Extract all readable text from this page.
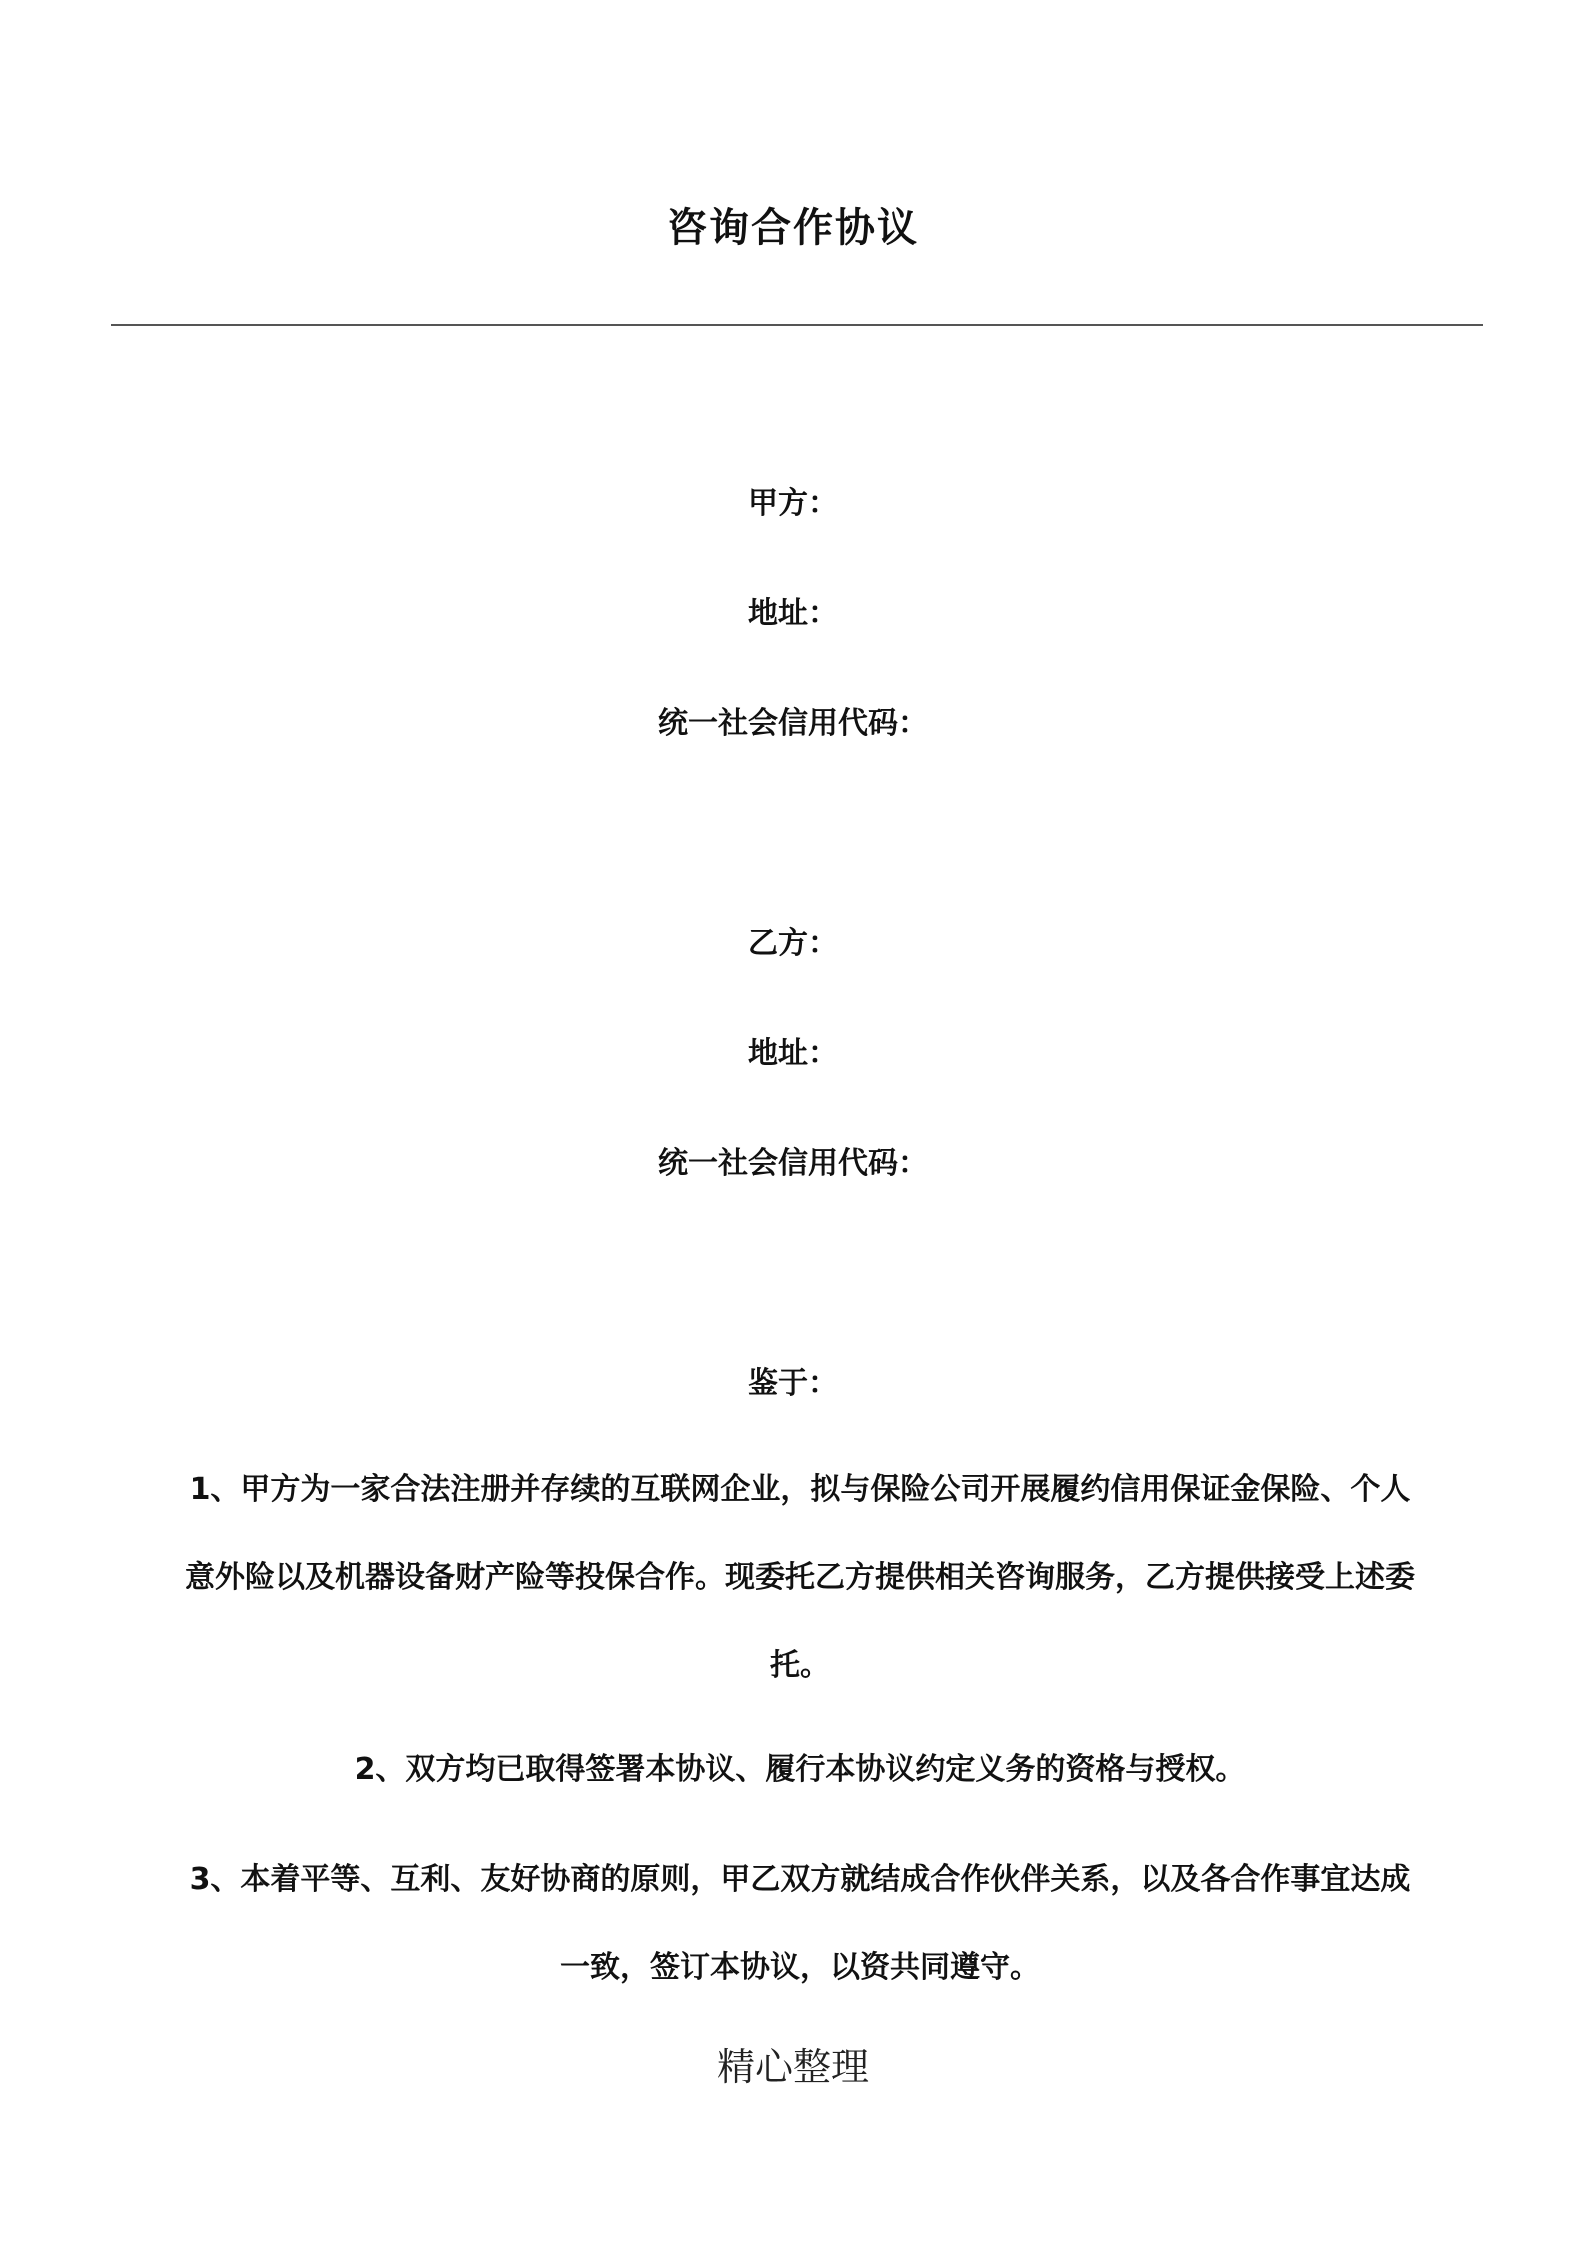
咨询合作协议
甲方：
地址：
统一社会信用代码：
乙方：
地址：
统一社会信用代码：
鉴于：
1、甲方为一家合法注册并存续的互联网企业，拟与保险公司开展履约信用保证金保险、个人
意外险以及机器设备财产险等投保合作。现委托乙方提供相关咨询服务，乙方提供接受上述委
托。
2、双方均已取得签署本协议、履行本协议约定义务的资格与授权。
3、本着平等、互利、友好协商的原则，甲乙双方就结成合作伙伴关系，以及各合作事宜达成
一致，签订本协议，以资共同遵守。
精心整理
